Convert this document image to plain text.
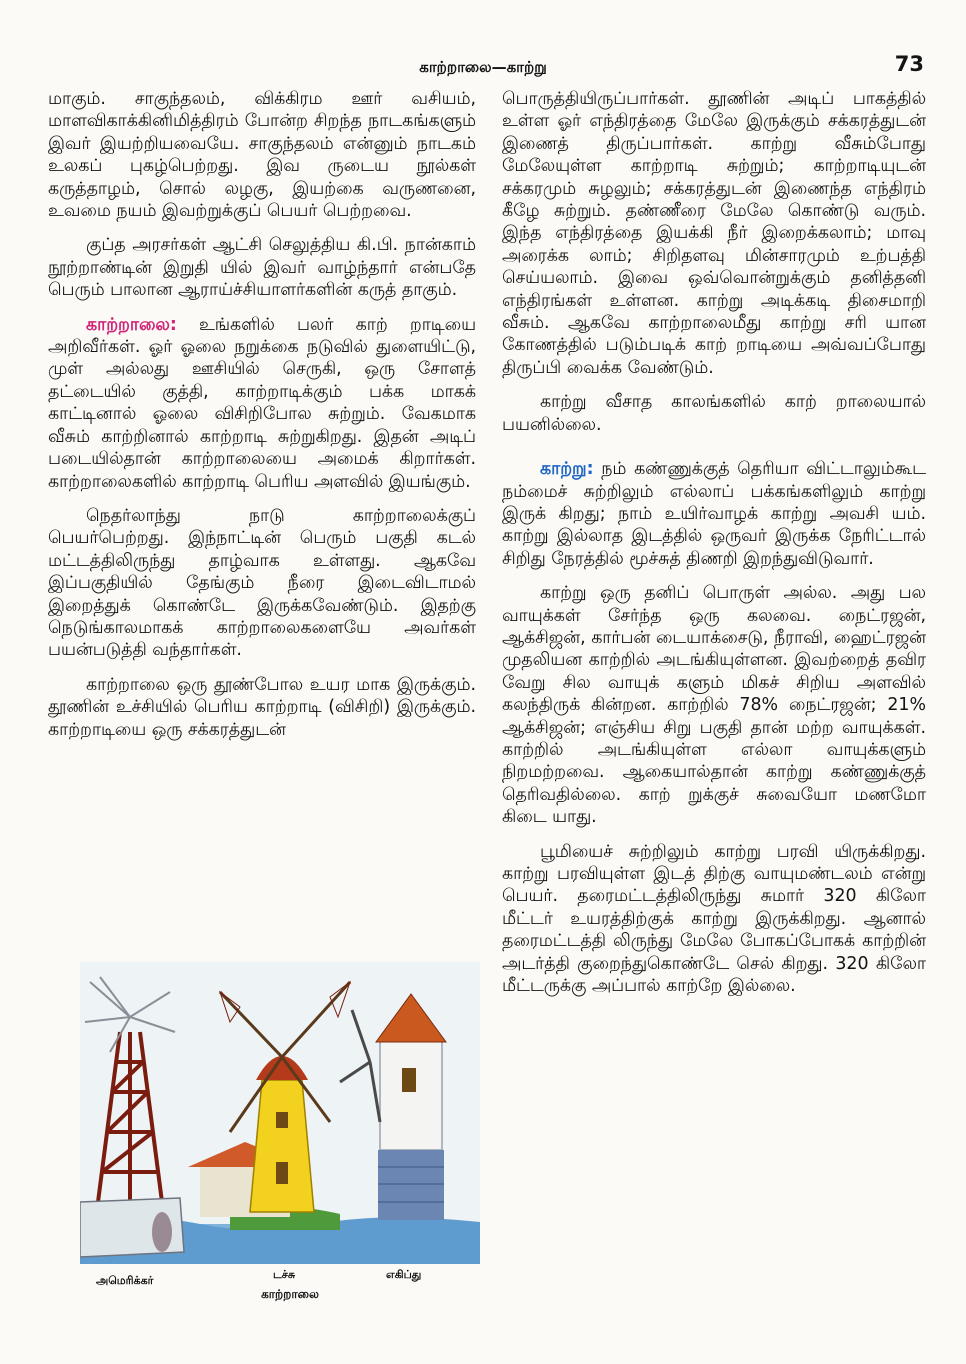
காற்றாலை—காற்று	73

மாகும். சாகுந்தலம், விக்கிரம ஊர் வசியம், மாளவிகாக்கினிமித்திரம் போன்ற சிறந்த நாடகங்களும் இவர் இயற்றியவையே. சாகுந்தலம் என்னும் நாடகம் உலகப் புகழ்பெற்றது. இவ ருடைய நூல்கள் கருத்தாழம், சொல் லழகு, இயற்கை வருணனை, உவமை நயம் இவற்றுக்குப் பெயர் பெற்றவை.

குப்த அரசர்கள் ஆட்சி செலுத்திய கி.பி. நான்காம் நூற்றாண்டின் இறுதி யில் இவர் வாழ்ந்தார் என்பதே பெரும் பாலான ஆராய்ச்சியாளர்களின் கருத் தாகும்.

காற்றாலை: உங்களில் பலர் காற் றாடியை அறிவீர்கள். ஓர் ஓலை நறுக்கை நடுவில் துளையிட்டு, முள் அல்லது ஊசியில் செருகி, ஒரு சோளத் தட்டையில் குத்தி, காற்றாடிக்கும் பக்க மாகக் காட்டினால் ஓலை விசிறிபோல சுற்றும். வேகமாக வீசும் காற்றினால் காற்றாடி சுற்றுகிறது. இதன் அடிப் படையில்தான் காற்றாலையை அமைக் கிறார்கள். காற்றாலைகளில் காற்றாடி பெரிய அளவில் இயங்கும்.

நெதர்லாந்து நாடு காற்றாலைக்குப் பெயர்பெற்றது. இந்நாட்டின் பெரும் பகுதி கடல் மட்டத்திலிருந்து தாழ்வாக உள்ளது. ஆகவே இப்பகுதியில் தேங்கும் நீரை இடைவிடாமல் இறைத்துக் கொண்டே இருக்கவேண்டும். இதற்கு நெடுங்காலமாகக் காற்றாலைகளையே அவர்கள் பயன்படுத்தி வந்தார்கள்.

காற்றாலை ஒரு தூண்போல உயர மாக இருக்கும். தூணின் உச்சியில் பெரிய காற்றாடி (விசிறி) இருக்கும். காற்றாடியை ஒரு சக்கரத்துடன்

பொருத்தியிருப்பார்கள். தூணின் அடிப் பாகத்தில் உள்ள ஓர் எந்திரத்தை மேலே இருக்கும் சக்கரத்துடன் இணைத் திருப்பார்கள். காற்று வீசும்போது மேலேயுள்ள காற்றாடி சுற்றும்; காற்றாடியுடன் சக்கரமும் சுழலும்; சக்கரத்துடன் இணைந்த எந்திரம் கீழே சுற்றும். தண்ணீரை மேலே கொண்டு வரும். இந்த எந்திரத்தை இயக்கி நீர் இறைக்கலாம்; மாவு அரைக்க லாம்; சிறிதளவு மின்சாரமும் உற்பத்தி செய்யலாம். இவை ஒவ்வொன்றுக்கும் தனித்தனி எந்திரங்கள் உள்ளன. காற்று அடிக்கடி திசைமாறி வீசும். ஆகவே காற்றாலைமீது காற்று சரி யான கோணத்தில் படும்படிக் காற் றாடியை அவ்வப்போது திருப்பி வைக்க வேண்டும்.

காற்று வீசாத காலங்களில் காற் றாலையால் பயனில்லை.

காற்று: நம் கண்ணுக்குத் தெரியா விட்டாலும்கூட நம்மைச் சுற்றிலும் எல்லாப் பக்கங்களிலும் காற்று இருக் கிறது; நாம் உயிர்வாழக் காற்று அவசி யம். காற்று இல்லாத இடத்தில் ஒருவர் இருக்க நேரிட்டால் சிறிது நேரத்தில் மூச்சுத் திணறி இறந்துவிடுவார்.

காற்று ஒரு தனிப் பொருள் அல்ல. அது பல வாயுக்கள் சேர்ந்த ஒரு கலவை. நைட்ரஜன், ஆக்சிஜன், கார்பன் டையாக்சைடு, நீராவி, ஹைட்ரஜன் முதலியன காற்றில் அடங்கியுள்ளன. இவற்றைத் தவிர வேறு சில வாயுக் களும் மிகச் சிறிய அளவில் கலந்திருக் கின்றன. காற்றில் 78% நைட்ரஜன்; 21% ஆக்சிஜன்; எஞ்சிய சிறு பகுதி தான் மற்ற வாயுக்கள். காற்றில் அடங்கியுள்ள எல்லா வாயுக்களும் நிறமற்றவை. ஆகையால்தான் காற்று கண்ணுக்குத் தெரிவதில்லை. காற் றுக்குச் சுவையோ மணமோ கிடை யாது.

பூமியைச் சுற்றிலும் காற்று பரவி யிருக்கிறது. காற்று பரவியுள்ள இடத் திற்கு வாயுமண்டலம் என்று பெயர். தரைமட்டத்திலிருந்து சுமார் 320 கிலோ மீட்டர் உயரத்திற்குக் காற்று இருக்கிறது. ஆனால் தரைமட்டத்தி லிருந்து மேலே போகப்போகக் காற்றின் அடர்த்தி குறைந்துகொண்டே செல் கிறது. 320 கிலோ மீட்டருக்கு அப்பால் காற்றே இல்லை.

அமெரிக்கர்	டச்சு	எகிப்து
காற்றாலை
